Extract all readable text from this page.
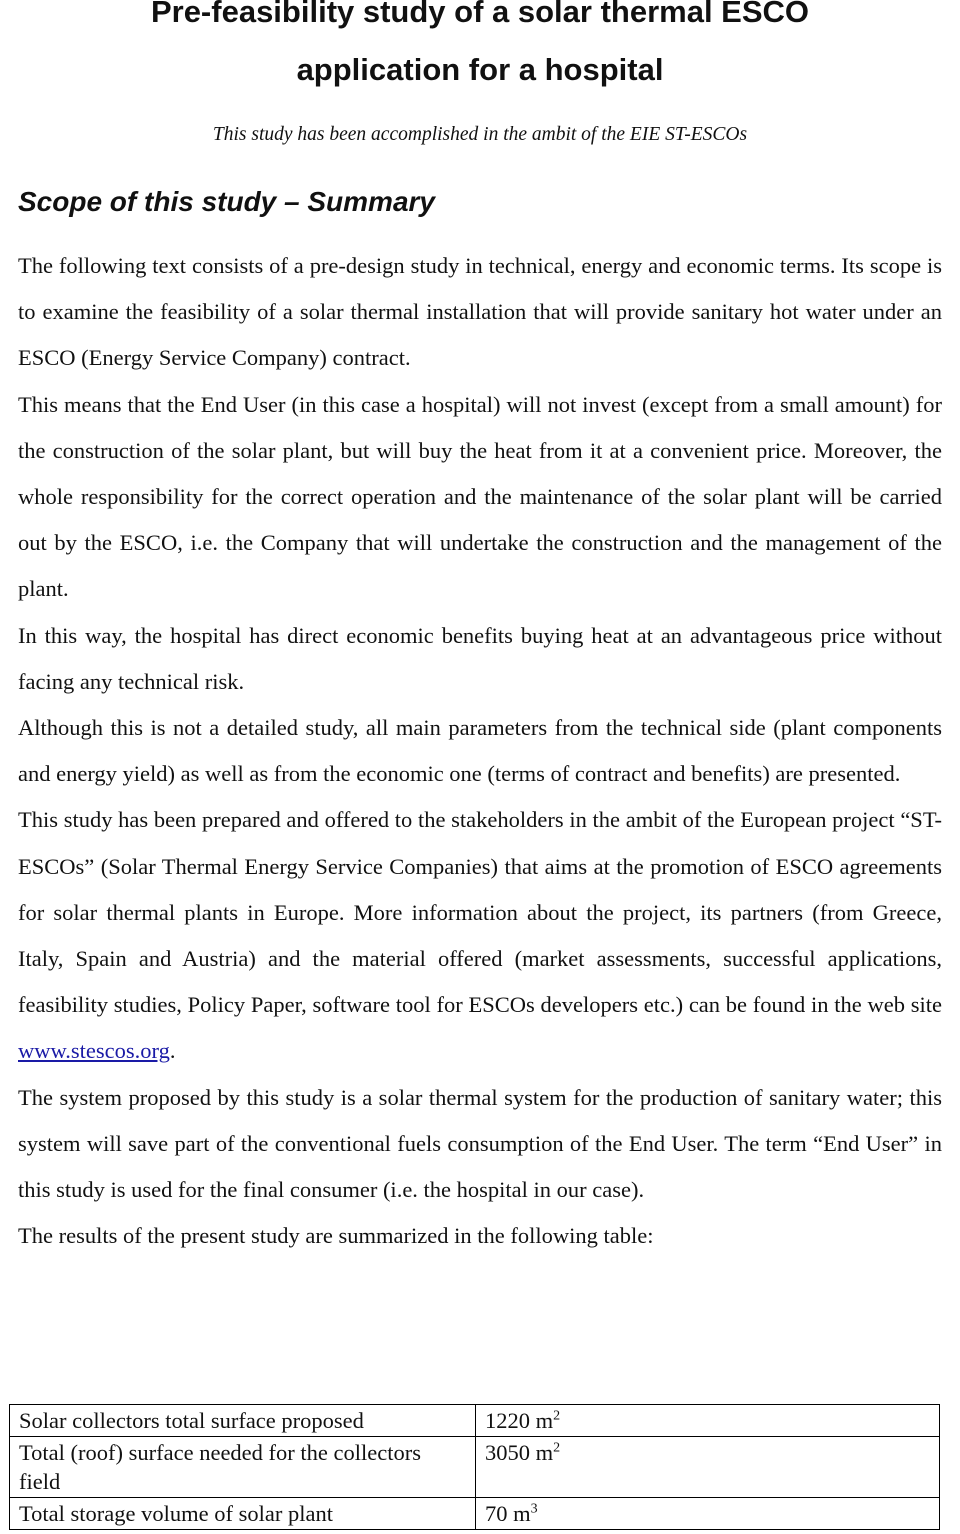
Pre-feasibility study of a solar thermal ESCO
application for a hospital

This study has been accomplished in the ambit of the EIE ST-ESCOs

Scope of this study – Summary

The following text consists of a pre-design study in technical, energy and economic terms. Its scope is to examine the feasibility of a solar thermal installation that will provide sanitary hot water under an ESCO (Energy Service Company) contract.

This means that the End User (in this case a hospital) will not invest (except from a small amount) for the construction of the solar plant, but will buy the heat from it at a convenient price. Moreover, the whole responsibility for the correct operation and the maintenance of the solar plant will be carried out by the ESCO, i.e. the Company that will undertake the construction and the management of the plant.

In this way, the hospital has direct economic benefits buying heat at an advantageous price without facing any technical risk.

Although this is not a detailed study, all main parameters from the technical side (plant components and energy yield) as well as from the economic one (terms of contract and benefits) are presented.

This study has been prepared and offered to the stakeholders in the ambit of the European project “ST-ESCOs” (Solar Thermal Energy Service Companies) that aims at the promotion of ESCO agreements for solar thermal plants in Europe. More information about the project, its partners (from Greece, Italy, Spain and Austria) and the material offered (market assessments, successful applications, feasibility studies, Policy Paper, software tool for ESCOs developers etc.) can be found in the web site www.stescos.org.

The system proposed by this study is a solar thermal system for the production of sanitary water; this system will save part of the conventional fuels consumption of the End User. The term “End User” in this study is used for the final consumer (i.e. the hospital in our case).

The results of the present study are summarized in the following table:

Solar collectors total surface proposed	1220 $m^2$
Total (roof) surface needed for the collectors field	3050 $m^2$
Total storage volume of solar plant	70 $m^3$
